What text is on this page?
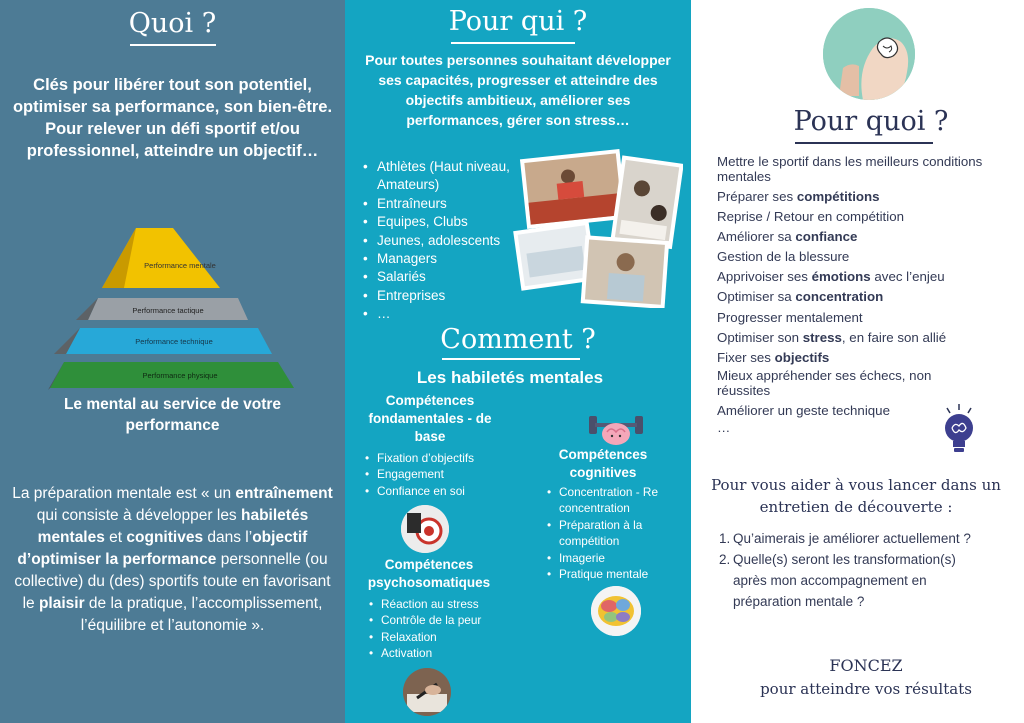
Quoi ?
Clés pour libérer tout son potentiel, optimiser sa performance, son bien-être.
Pour relever un défi sportif et/ou professionnel, atteindre un objectif…
Performance mentale
Performance tactique
Performance technique
Performance physique
Le mental au service de votre performance
La préparation mentale est « un entraînement qui consiste à développer les habiletés mentales et cognitives dans l’objectif d’optimiser la performance personnelle (ou collective) du (des) sportifs toute en favorisant le plaisir de la pratique, l’accomplissement, l’équilibre et l’autonomie ».
Pour qui ?
Pour toutes personnes souhaitant développer ses capacités, progresser et atteindre des objectifs ambitieux, améliorer ses performances, gérer son stress…
• Athlètes (Haut niveau, Amateurs)
• Entraîneurs
• Equipes, Clubs
• Jeunes, adolescents
• Managers
• Salariés
• Entreprises
• …
Comment ?
Les habiletés mentales
Compétences fondamentales - de base
• Fixation d’objectifs
• Engagement
• Confiance en soi
Compétences cognitives
• Concentration - Re concentration
• Préparation à la compétition
• Imagerie
• Pratique mentale
Compétences psychosomatiques
• Réaction au stress
• Contrôle de la peur
• Relaxation
• Activation
Pour quoi ?
Mettre le sportif dans les meilleurs conditions mentales
Préparer ses compétitions
Reprise / Retour en compétition
Améliorer sa confiance
Gestion de la blessure
Apprivoiser ses émotions avec l’enjeu
Optimiser sa concentration
Progresser mentalement
Optimiser son stress, en faire son allié
Fixer ses objectifs
Mieux appréhender ses échecs, non réussites
Améliorer un geste technique
…
Pour vous aider à vous lancer dans un entretien de découverte :
1. Qu’aimerais je améliorer actuellement ?
2. Quelle(s) seront les transformation(s) après mon accompagnement en préparation mentale ?
FONCEZ
pour atteindre vos résultats
